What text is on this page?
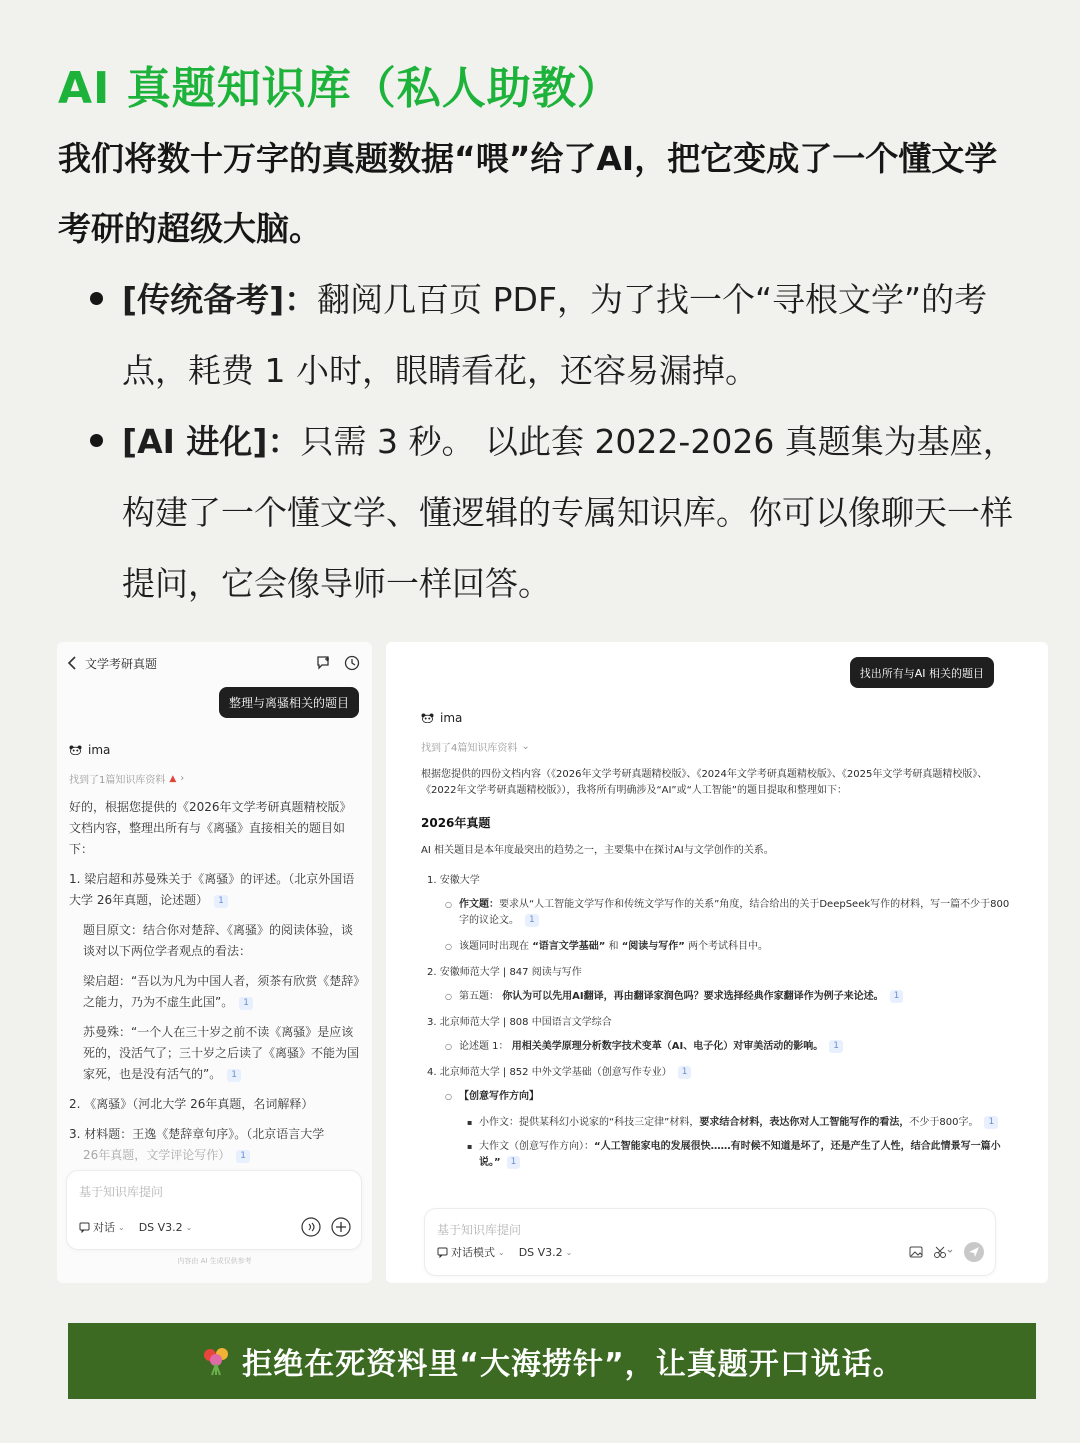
AI 真题知识库（私人助教）
我们将数十万字的真题数据“喂”给了AI，把它变成了一个懂文学考研的超级大脑。
[传统备考]：翻阅几百页 PDF，为了找一个“寻根文学”的考点，耗费 1 小时，眼睛看花，还容易漏掉。
[AI 进化]：只需 3 秒。 以此套 2022-2026 真题集为基座，构建了一个懂文学、懂逻辑的专属知识库。你可以像聊天一样提问，它会像导师一样回答。
文学考研真题
整理与离骚相关的题目
ima
找到了1篇知识库资料 ▲ ›

好的，根据您提供的《2026年文学考研真题精校版》文档内容，整理出所有与《离骚》直接相关的题目如下：

1. 梁启超和苏曼殊关于《离骚》的评述。（北京外国语大学 26年真题，论述题） 1

题目原文：结合你对楚辞、《离骚》的阅读体验，谈谈对以下两位学者观点的看法：

梁启超：“吾以为凡为中国人者，须茶有欣赏《楚辞》之能力，乃为不虚生此国”。 1

苏曼殊：“一个人在三十岁之前不读《离骚》是应该死的，没活气了；三十岁之后读了《离骚》不能为国家死，也是没有活气的”。 1

2. 《离骚》（河北大学 26年真题，名词解释）

3. 材料题：王逸《楚辞章句序》。（北京语言大学
26年真题，文学评论写作） 1

基于知识库提问
对话 ⌄ DS V3.2 ⌄
内容由 AI 生成仅供参考
找出所有与AI 相关的题目
ima
找到了4篇知识库资料 ⌄

根据您提供的四份文档内容（《2026年文学考研真题精校版》、《2024年文学考研真题精校版》、《2025年文学考研真题精校版》、《2022年文学考研真题精校版》），我将所有明确涉及“AI”或“人工智能”的题目提取和整理如下：

2026年真题

AI 相关题目是本年度最突出的趋势之一，主要集中在探讨AI与文学创作的关系。

1. 安徽大学

○ 作文题：要求从“人工智能文学写作和传统文学写作的关系”角度，结合给出的关于DeepSeek写作的材料，写一篇不少于800字的议论文。 1

○ 该题同时出现在 “语言文学基础” 和 “阅读与写作” 两个考试科目中。

2. 安徽师范大学 | 847 阅读与写作

○ 第五题： 你认为可以先用AI翻译，再由翻译家润色吗？要求选择经典作家翻译作为例子来论述。 1

3. 北京师范大学 | 808 中国语言文学综合

○ 论述题 1： 用相关美学原理分析数字技术变革（AI、电子化）对审美活动的影响。 1

4. 北京师范大学 | 852 中外文学基础（创意写作专业） 1

○ 【创意写作方向】

▪ 小作文：提供某科幻小说家的“科技三定律”材料，要求结合材料，表达你对人工智能写作的看法，不少于800字。 1

▪ 大作文（创意写作方向）：“人工智能家电的发展很快……有时候不知道是坏了，还是产生了人性，结合此情景写一篇小说。” 1

基于知识库提问
对话模式 ⌄ DS V3.2 ⌄
拒绝在死资料里“大海捞针”，让真题开口说话。
